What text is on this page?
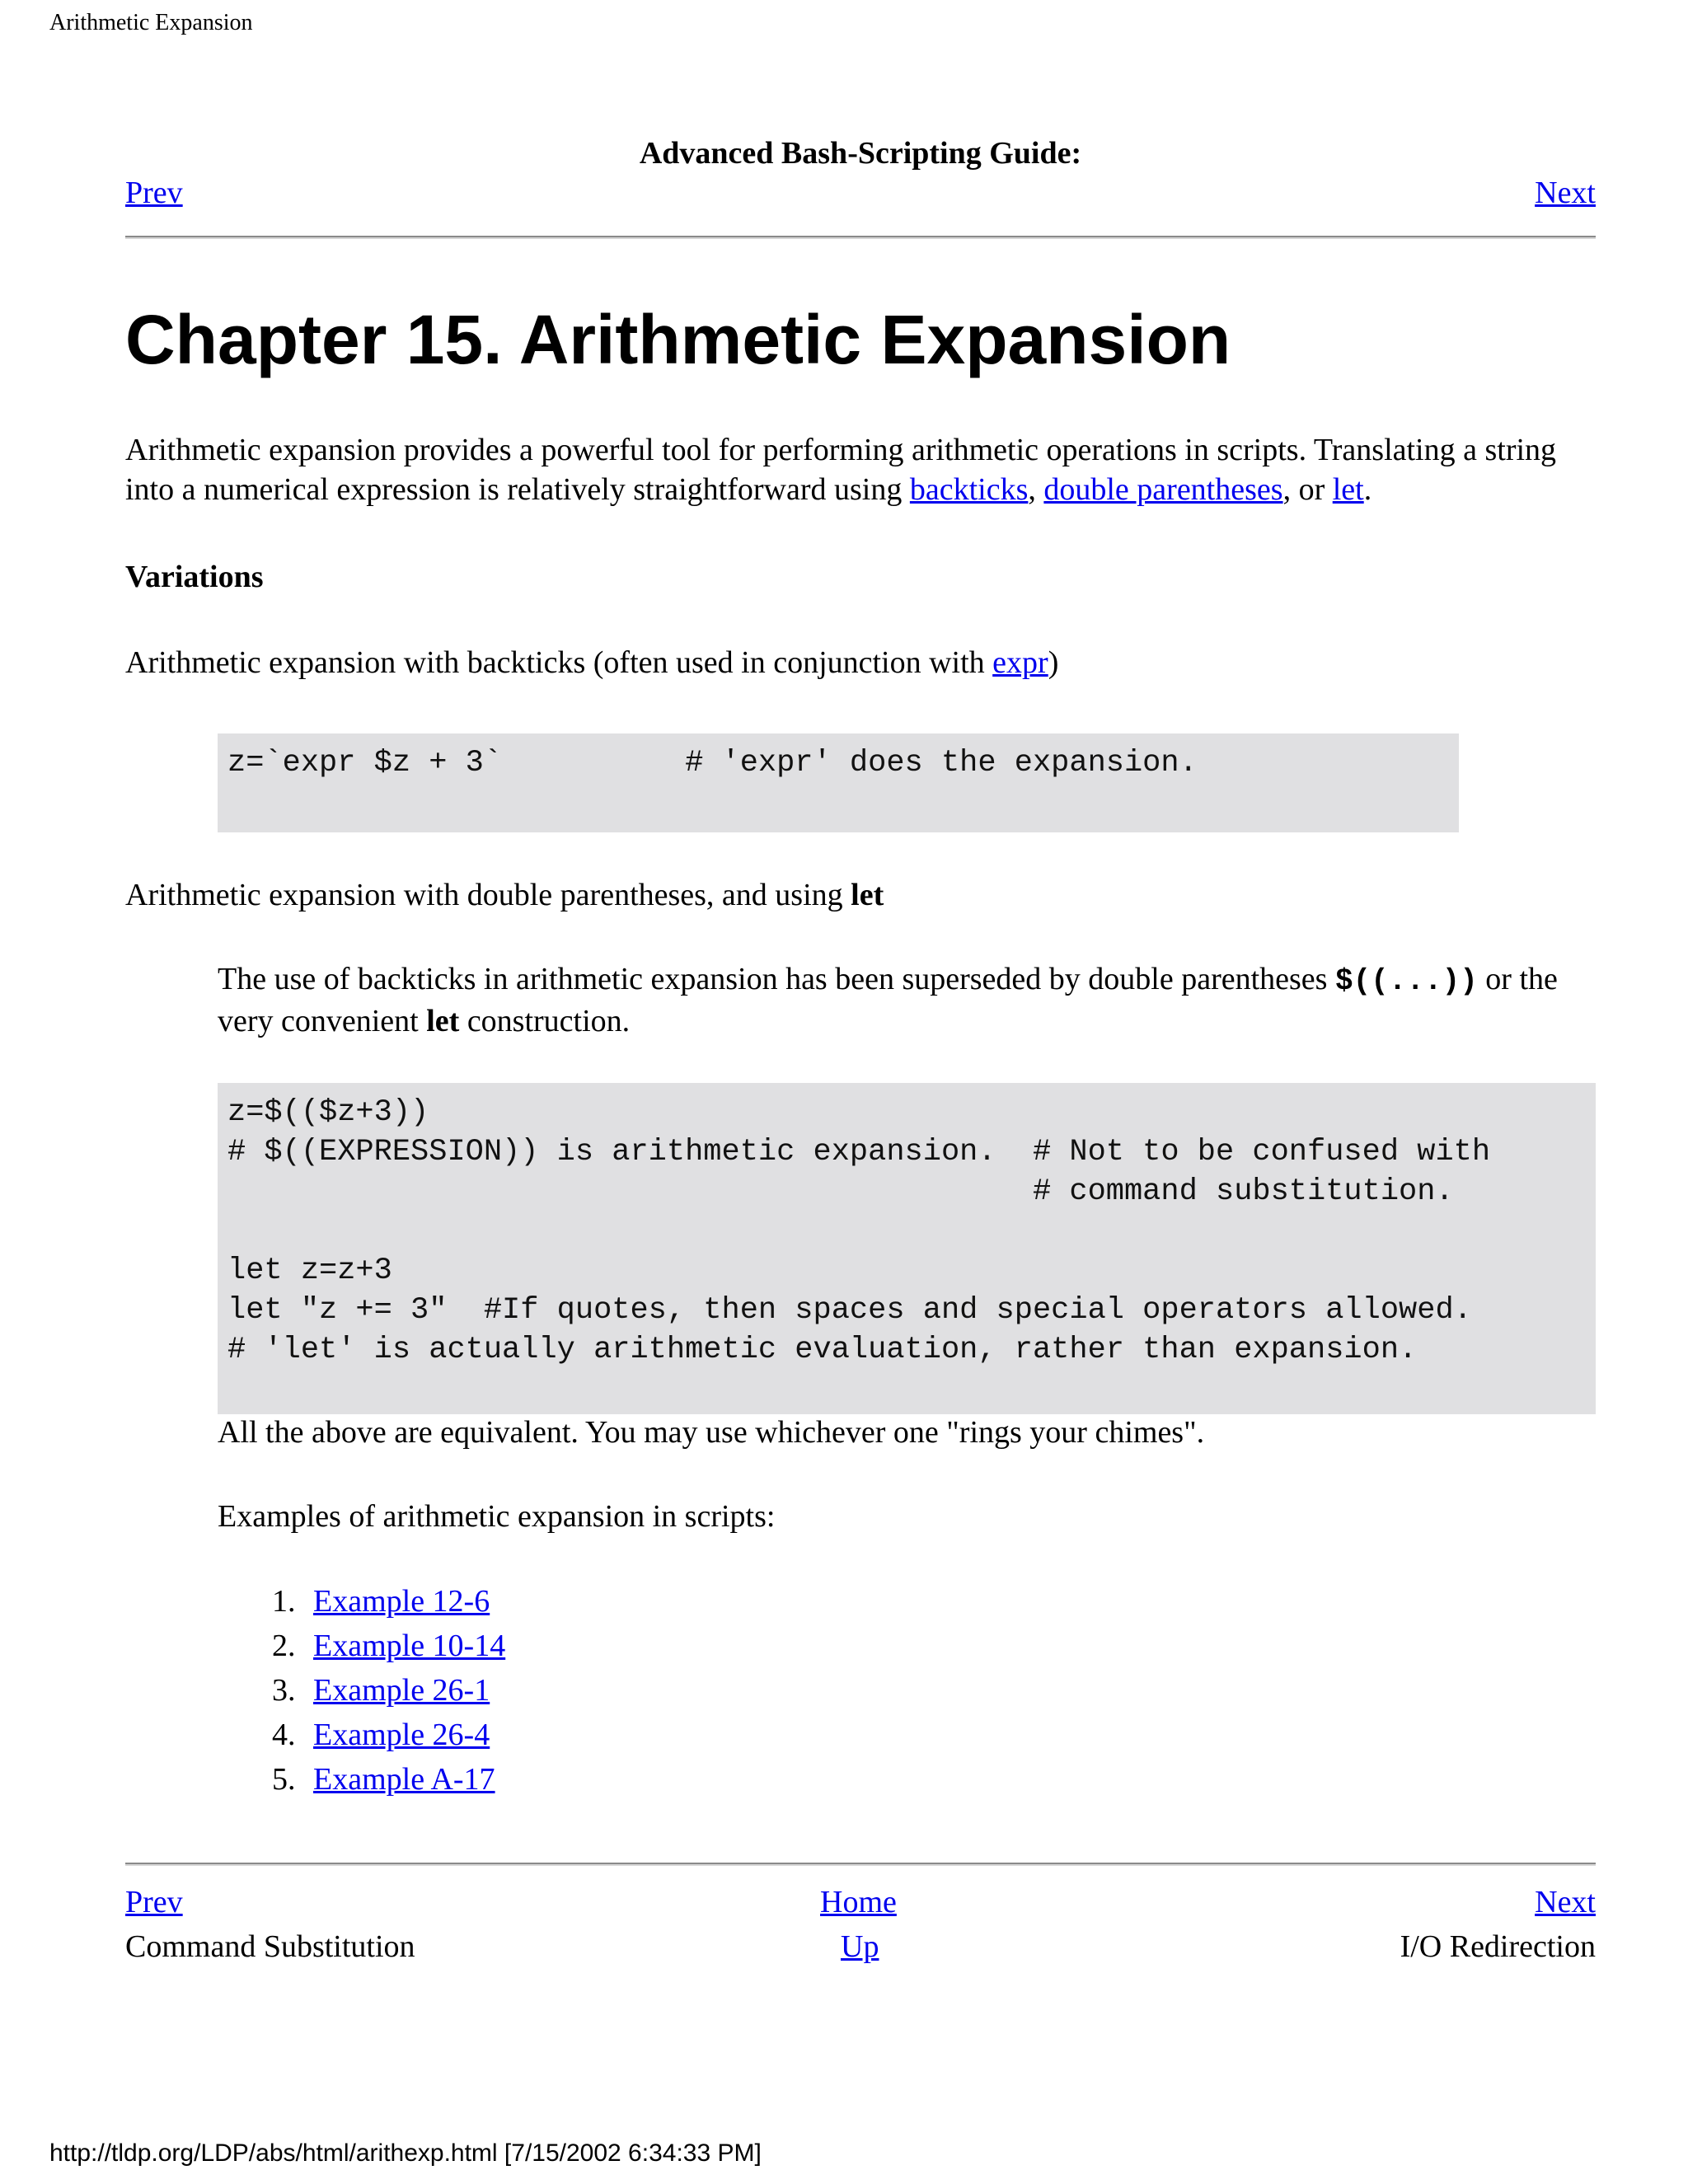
Arithmetic Expansion
Advanced Bash-Scripting Guide:
Prev	Next
Chapter 15. Arithmetic Expansion

Arithmetic expansion provides a powerful tool for performing arithmetic operations in scripts. Translating a string into a numerical expression is relatively straightforward using backticks, double parentheses, or let.

Variations

Arithmetic expansion with backticks (often used in conjunction with expr)

z=`expr $z + 3`          # 'expr' does the expansion.

Arithmetic expansion with double parentheses, and using let

The use of backticks in arithmetic expansion has been superseded by double parentheses $((...)) or the very convenient let construction.

z=$(($z+3))
# $((EXPRESSION)) is arithmetic expansion.  # Not to be confused with
# command substitution.

let z=z+3
let "z += 3"  #If quotes, then spaces and special operators allowed.
# 'let' is actually arithmetic evaluation, rather than expansion.

All the above are equivalent. You may use whichever one "rings your chimes".

Examples of arithmetic expansion in scripts:

1. Example 12-6
2. Example 10-14
3. Example 26-1
4. Example 26-4
5. Example A-17
Prev	Home	Next
Command Substitution	Up	I/O Redirection
http://tldp.org/LDP/abs/html/arithexp.html [7/15/2002 6:34:33 PM]
